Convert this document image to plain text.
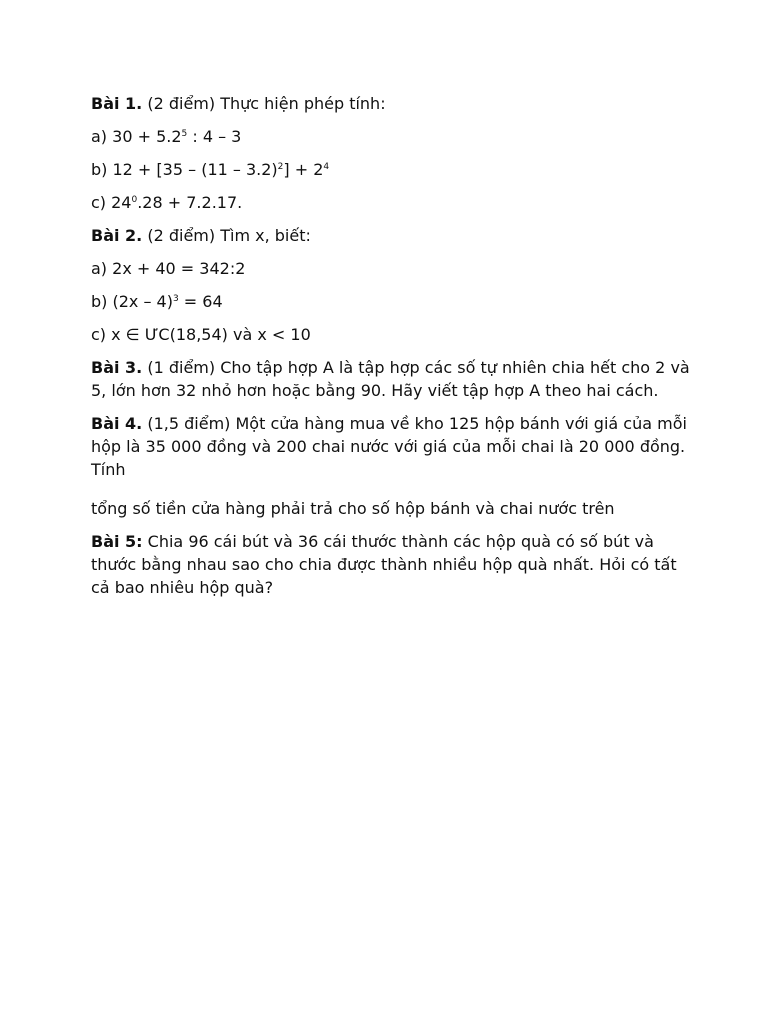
Bài 1. (2 điểm) Thực hiện phép tính:

a) $30 + 5.2^5$ : 4 – 3

b) $12 + [35 - (11 - 3.2)^2] + 2^4$

c) $24^0.28 + 7.2.17$.

Bài 2. (2 điểm) Tìm x, biết:

a) 2x + 40 = 342:2

b) (2x – 4)$^3$ = 64

c) x ∈ ƯC(18,54) và x < 10

Bài 3. (1 điểm) Cho tập hợp A là tập hợp các số tự nhiên chia hết cho 2 và 5, lớn hơn 32 nhỏ hơn hoặc bằng 90. Hãy viết tập hợp A theo hai cách.

Bài 4. (1,5 điểm) Một cửa hàng mua về kho 125 hộp bánh với giá của mỗi hộp là 35 000 đồng và 200 chai nước với giá của mỗi chai là 20 000 đồng. Tính

tổng số tiền cửa hàng phải trả cho số hộp bánh và chai nước trên

Bài 5: Chia 96 cái bút và 36 cái thước thành các hộp quà có số bút và thước bằng nhau sao cho chia được thành nhiều hộp quà nhất. Hỏi có tất cả bao nhiêu hộp quà?
